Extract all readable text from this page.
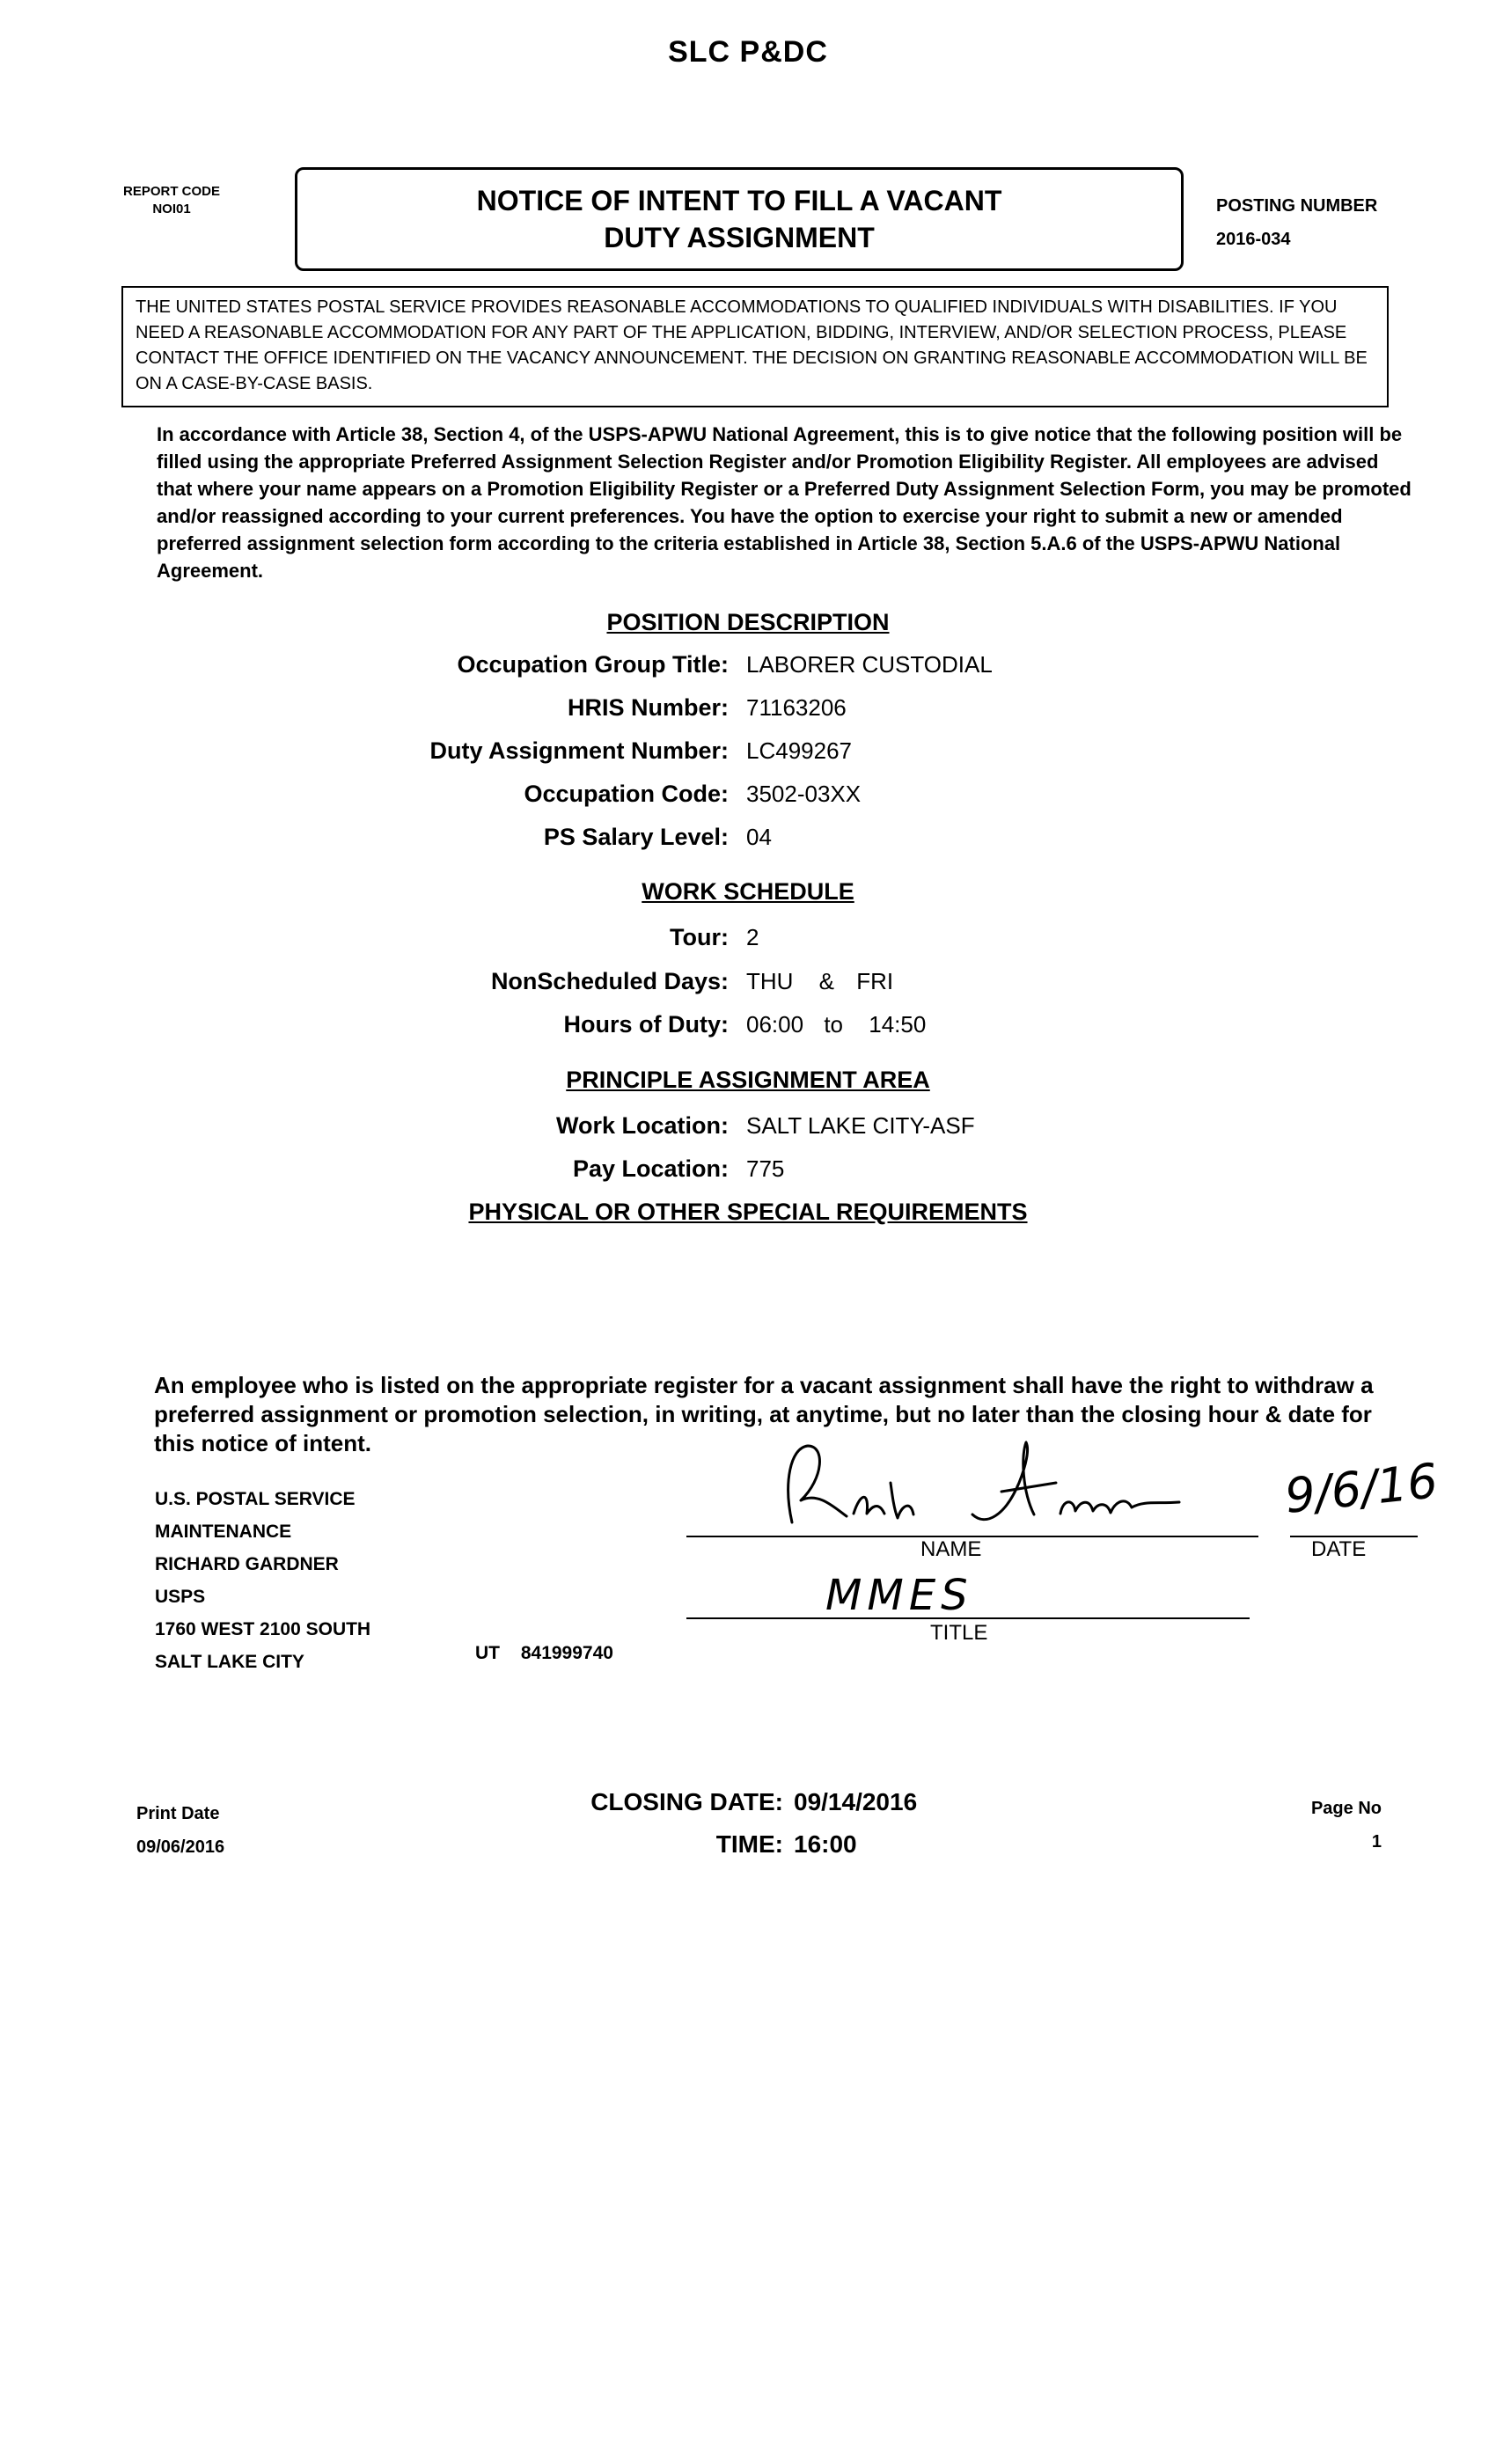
SLC P&DC
REPORT CODE
NOI01	NOTICE OF INTENT TO FILL A VACANT
DUTY ASSIGNMENT
POSTING NUMBER
2016-034
THE UNITED STATES POSTAL SERVICE PROVIDES REASONABLE ACCOMMODATIONS TO QUALIFIED INDIVIDUALS WITH DISABILITIES. IF YOU NEED A REASONABLE ACCOMMODATION FOR ANY PART OF THE APPLICATION, BIDDING, INTERVIEW, AND/OR SELECTION PROCESS, PLEASE CONTACT THE OFFICE IDENTIFIED ON THE VACANCY ANNOUNCEMENT. THE DECISION ON GRANTING REASONABLE ACCOMMODATION WILL BE ON A CASE-BY-CASE BASIS.
In accordance with Article 38, Section 4, of the USPS-APWU National Agreement, this is to give notice that the following position will be filled using the appropriate Preferred Assignment Selection Register and/or Promotion Eligibility Register. All employees are advised that where your name appears on a Promotion Eligibility Register or a Preferred Duty Assignment Selection Form, you may be promoted and/or reassigned according to your current preferences. You have the option to exercise your right to submit a new or amended preferred assignment selection form according to the criteria established in Article 38, Section 5.A.6 of the USPS-APWU National Agreement.
POSITION DESCRIPTION
Occupation Group Title: LABORER CUSTODIAL
HRIS Number: 71163206
Duty Assignment Number: LC499267
Occupation Code: 3502-03XX
PS Salary Level: 04
WORK SCHEDULE
Tour: 2
NonScheduled Days: THU & FRI
Hours of Duty: 06:00 to 14:50
PRINCIPLE ASSIGNMENT AREA
Work Location: SALT LAKE CITY-ASF
Pay Location: 775
PHYSICAL OR OTHER SPECIAL REQUIREMENTS
An employee who is listed on the appropriate register for a vacant assignment shall have the right to withdraw a preferred assignment or promotion selection, in writing, at anytime, but no later than the closing hour & date for this notice of intent.
U.S. POSTAL SERVICE
MAINTENANCE
RICHARD GARDNER
USPS
1760 WEST 2100 SOUTH
SALT LAKE CITY	UT 841999740
NAME
9/6/16
DATE
MMES
TITLE
Print Date
09/06/2016
CLOSING DATE: 09/14/2016
TIME: 16:00
Page No
1
